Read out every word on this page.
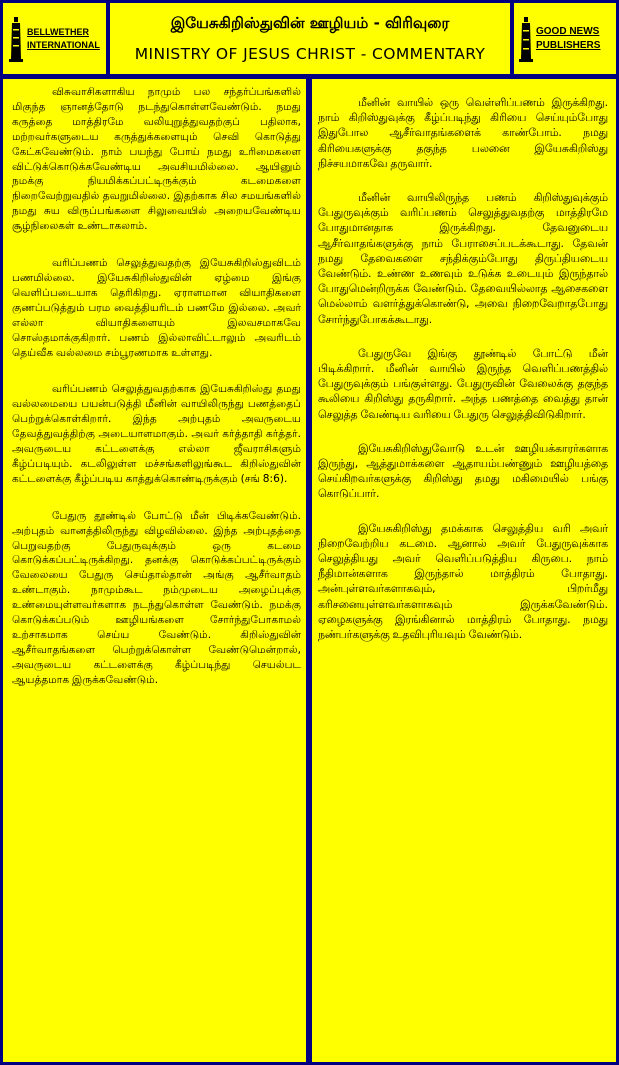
BELLWETHER
INTERNATIONAL
இயேசுகிறிஸ்துவின் ஊழியம் - விரிவுரை
MINISTRY OF JESUS CHRIST - COMMENTARY
GOOD NEWS
PUBLISHERS

விசுவாசிகளாகிய நாமும் பல சந்தர்ப்பங்களில் மிகுந்த ஞானத்தோடு நடந்துகொள்ளவேண்டும். நமது கருத்தை மாத்திரமே வலியுறுத்துவதற்குப் பதிலாக, மற்றவர்களுடைய கருத்துக்களையும் செவி கொடுத்து கேட்கவேண்டும். நாம் பயந்து போய் நமது உரிமைகளை விட்டுக்கொடுக்கவேண்டிய அவசியமில்லை. ஆயினும் நமக்கு நியமிக்கப்பட்டிருக்கும் கடமைகளை நிறைவேற்றுவதில் தவறுமில்லை. இதற்காக சில சமயங்களில் நமது சுய விருப்பங்களை சிலுவையில் அறையவேண்டிய சூழ்நிலைகள் உண்டாகலாம்.

வரிப்பணம் செலுத்துவதற்கு இயேசுகிறிஸ்துவிடம் பணமில்லை. இயேசுகிறிஸ்துவின் ஏழ்மை இங்கு வெளிப்படையாக தெரிகிறது. ஏராளமான வியாதிகளை குணப்படுத்தும் பரம வைத்தியரிடம் பணமே இல்லை. அவர் எல்லா வியாதிகளையும் இலவசமாகவே சொஸ்தமாக்குகிறார். பணம் இல்லாவிட்டாலும் அவரிடம் தெய்வீக வல்லமை சம்பூரணமாக உள்ளது.

வரிப்பணம் செலுத்துவதற்காக இயேசுகிறிஸ்து தமது வல்லமையை பயன்படுத்தி மீனின் வாயிலிருந்து பணத்தைப் பெற்றுக்கொள்கிறார். இந்த அற்புதம் அவருடைய தேவத்துவத்திற்கு அடையாளமாகும். அவர் கர்த்தாதி கர்த்தர். அவருடைய கட்டளைக்கு எல்லா ஜீவராசிகளும் கீழ்ப்படியும். கடலிலுள்ள மச்சங்களிலுங்கூட கிறிஸ்துவின் கட்டளைக்கு கீழ்ப்படிய காத்துக்கொண்டிருக்கும் (சங் 8:6).

பேதுரு தூண்டில் போட்டு மீன் பிடிக்கவேண்டும். அற்புதம் வானத்திலிருந்து விழவில்லை. இந்த அற்புதத்தை பெறுவதற்கு பேதுருவுக்கும் ஒரு கடமை கொடுக்கப்பட்டிருக்கிறது. தனக்கு கொடுக்கப்பட்டிருக்கும் வேலையை பேதுரு செய்தால்தான் அங்கு ஆசீர்வாதம் உண்டாகும். நாமும்கூட நம்முடைய அழைப்புக்கு உண்மையுள்ளவர்களாக நடந்துகொள்ள வேண்டும். நமக்கு கொடுக்கப்படும் ஊழியங்களை சோர்ந்துபோகாமல் உற்சாகமாக செய்ய வேண்டும். கிறிஸ்துவின் ஆசீர்வாதங்களை பெற்றுக்கொள்ள வேண்டுமென்றால், அவருடைய கட்டளைக்கு கீழ்ப்படிந்து செயல்பட ஆயத்தமாக இருக்கவேண்டும்.

மீனின் வாயில் ஒரு வெள்ளிப்பணம் இருக்கிறது. நாம் கிறிஸ்துவுக்கு கீழ்ப்படிந்து கிரியை செய்யும்போது இதுபோல ஆசீர்வாதங்களைக் காண்போம். நமது கிரியைகளுக்கு தகுந்த பலனை இயேசுகிறிஸ்து நிச்சயமாகவே தருவார்.

மீனின் வாயிலிருந்த பணம் கிறிஸ்துவுக்கும் பேதுருவுக்கும் வரிப்பணம் செலுத்துவதற்கு மாத்திரமே போதுமானதாக இருக்கிறது. தேவனுடைய ஆசீர்வாதங்களுக்கு நாம் பேராசைப்படக்கூடாது. தேவன் நமது தேவைகளை சந்திக்கும்போது திருப்தியடைய வேண்டும். உண்ண உணவும் உடுக்க உடையும் இருந்தால் போதுமென்றிருக்க வேண்டும். தேவையில்லாத ஆசைகளை மெல்லாம் வளர்த்துக்கொண்டு, அவை நிறைவேறாதபோது சோர்ந்துபோகக்கூடாது.

பேதுருவே இங்கு தூண்டில் போட்டு மீன் பிடிக்கிறார். மீனின் வாயில் இருந்த வெளிப்பணத்தில் பேதுருவுக்கும் பங்குள்ளது. பேதுருவின் வேலைக்கு தகுந்த கூலியை கிறிஸ்து தருகிறார். அந்த பணத்தை வைத்து தான் செலுத்த வேண்டிய வரியை பேதுரு செலுத்திவிடுகிறார்.

இயேசுகிறிஸ்துவோடு உடன் ஊழியக்காரர்களாக இருந்து, ஆத்துமாக்களை ஆதாயம்பண்ணும் ஊழியத்தை செய்கிறவர்களுக்கு கிறிஸ்து தமது மகிமையில் பங்கு கொடுப்பார்.

இயேசுகிறிஸ்து தமக்காக செலுத்திய வரி அவர் நிறைவேற்றிய கடமை. ஆனால் அவர் பேதுருவுக்காக செலுத்தியது அவர் வெளிப்படுத்திய கிருபை. நாம் நீதிமான்களாக இருந்தால் மாத்திரம் போதாது. அன்புள்ளவர்களாகவும், பிறர்மீது கரிசனையுள்ளவர்களாகவும் இருக்கவேண்டும். ஏழைகளுக்கு இரங்கினால் மாத்திரம் போதாது. நமது நண்பர்களுக்கு உதவிபுரியவும் வேண்டும்.
